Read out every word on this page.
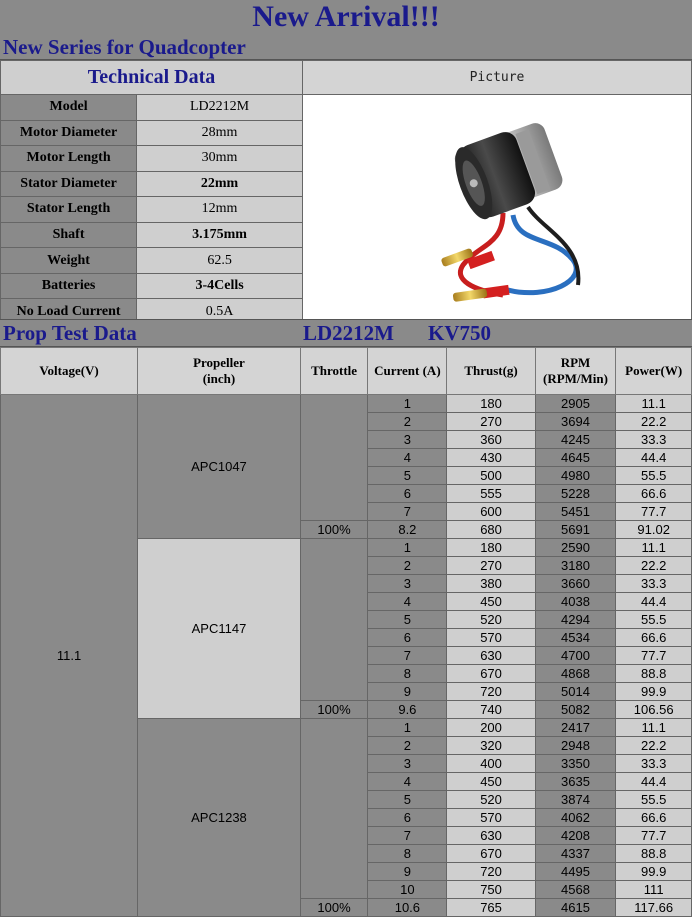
New Arrival!!!
New Series for Quadcopter
Technical Data		Picture
Model	LD2212M	
Motor Diameter	28mm	
Motor Length	30mm	
Stator Diameter	22mm	
Stator Length	12mm	
Shaft	3.175mm	
Weight	62.5	
Batteries	3-4Cells	
No Load Current	0.5A	
Prop Test Data	LD2212M KV750
Voltage(V)	Propeller (inch)	Throttle	Current (A)	Thrust(g)	RPM (RPM/Min)	Power(W)
11.1	APC1047		1	180	2905	11.1
			2	270	3694	22.2
			3	360	4245	33.3
			4	430	4645	44.4
			5	500	4980	55.5
			6	555	5228	66.6
			7	600	5451	77.7
		100%	8.2	680	5691	91.02
	APC1147		1	180	2590	11.1
			2	270	3180	22.2
			3	380	3660	33.3
			4	450	4038	44.4
			5	520	4294	55.5
			6	570	4534	66.6
			7	630	4700	77.7
			8	670	4868	88.8
			9	720	5014	99.9
		100%	9.6	740	5082	106.56
	APC1238		1	200	2417	11.1
			2	320	2948	22.2
			3	400	3350	33.3
			4	450	3635	44.4
			5	520	3874	55.5
			6	570	4062	66.6
			7	630	4208	77.7
			8	670	4337	88.8
			9	720	4495	99.9
			10	750	4568	111
		100%	10.6	765	4615	117.66
